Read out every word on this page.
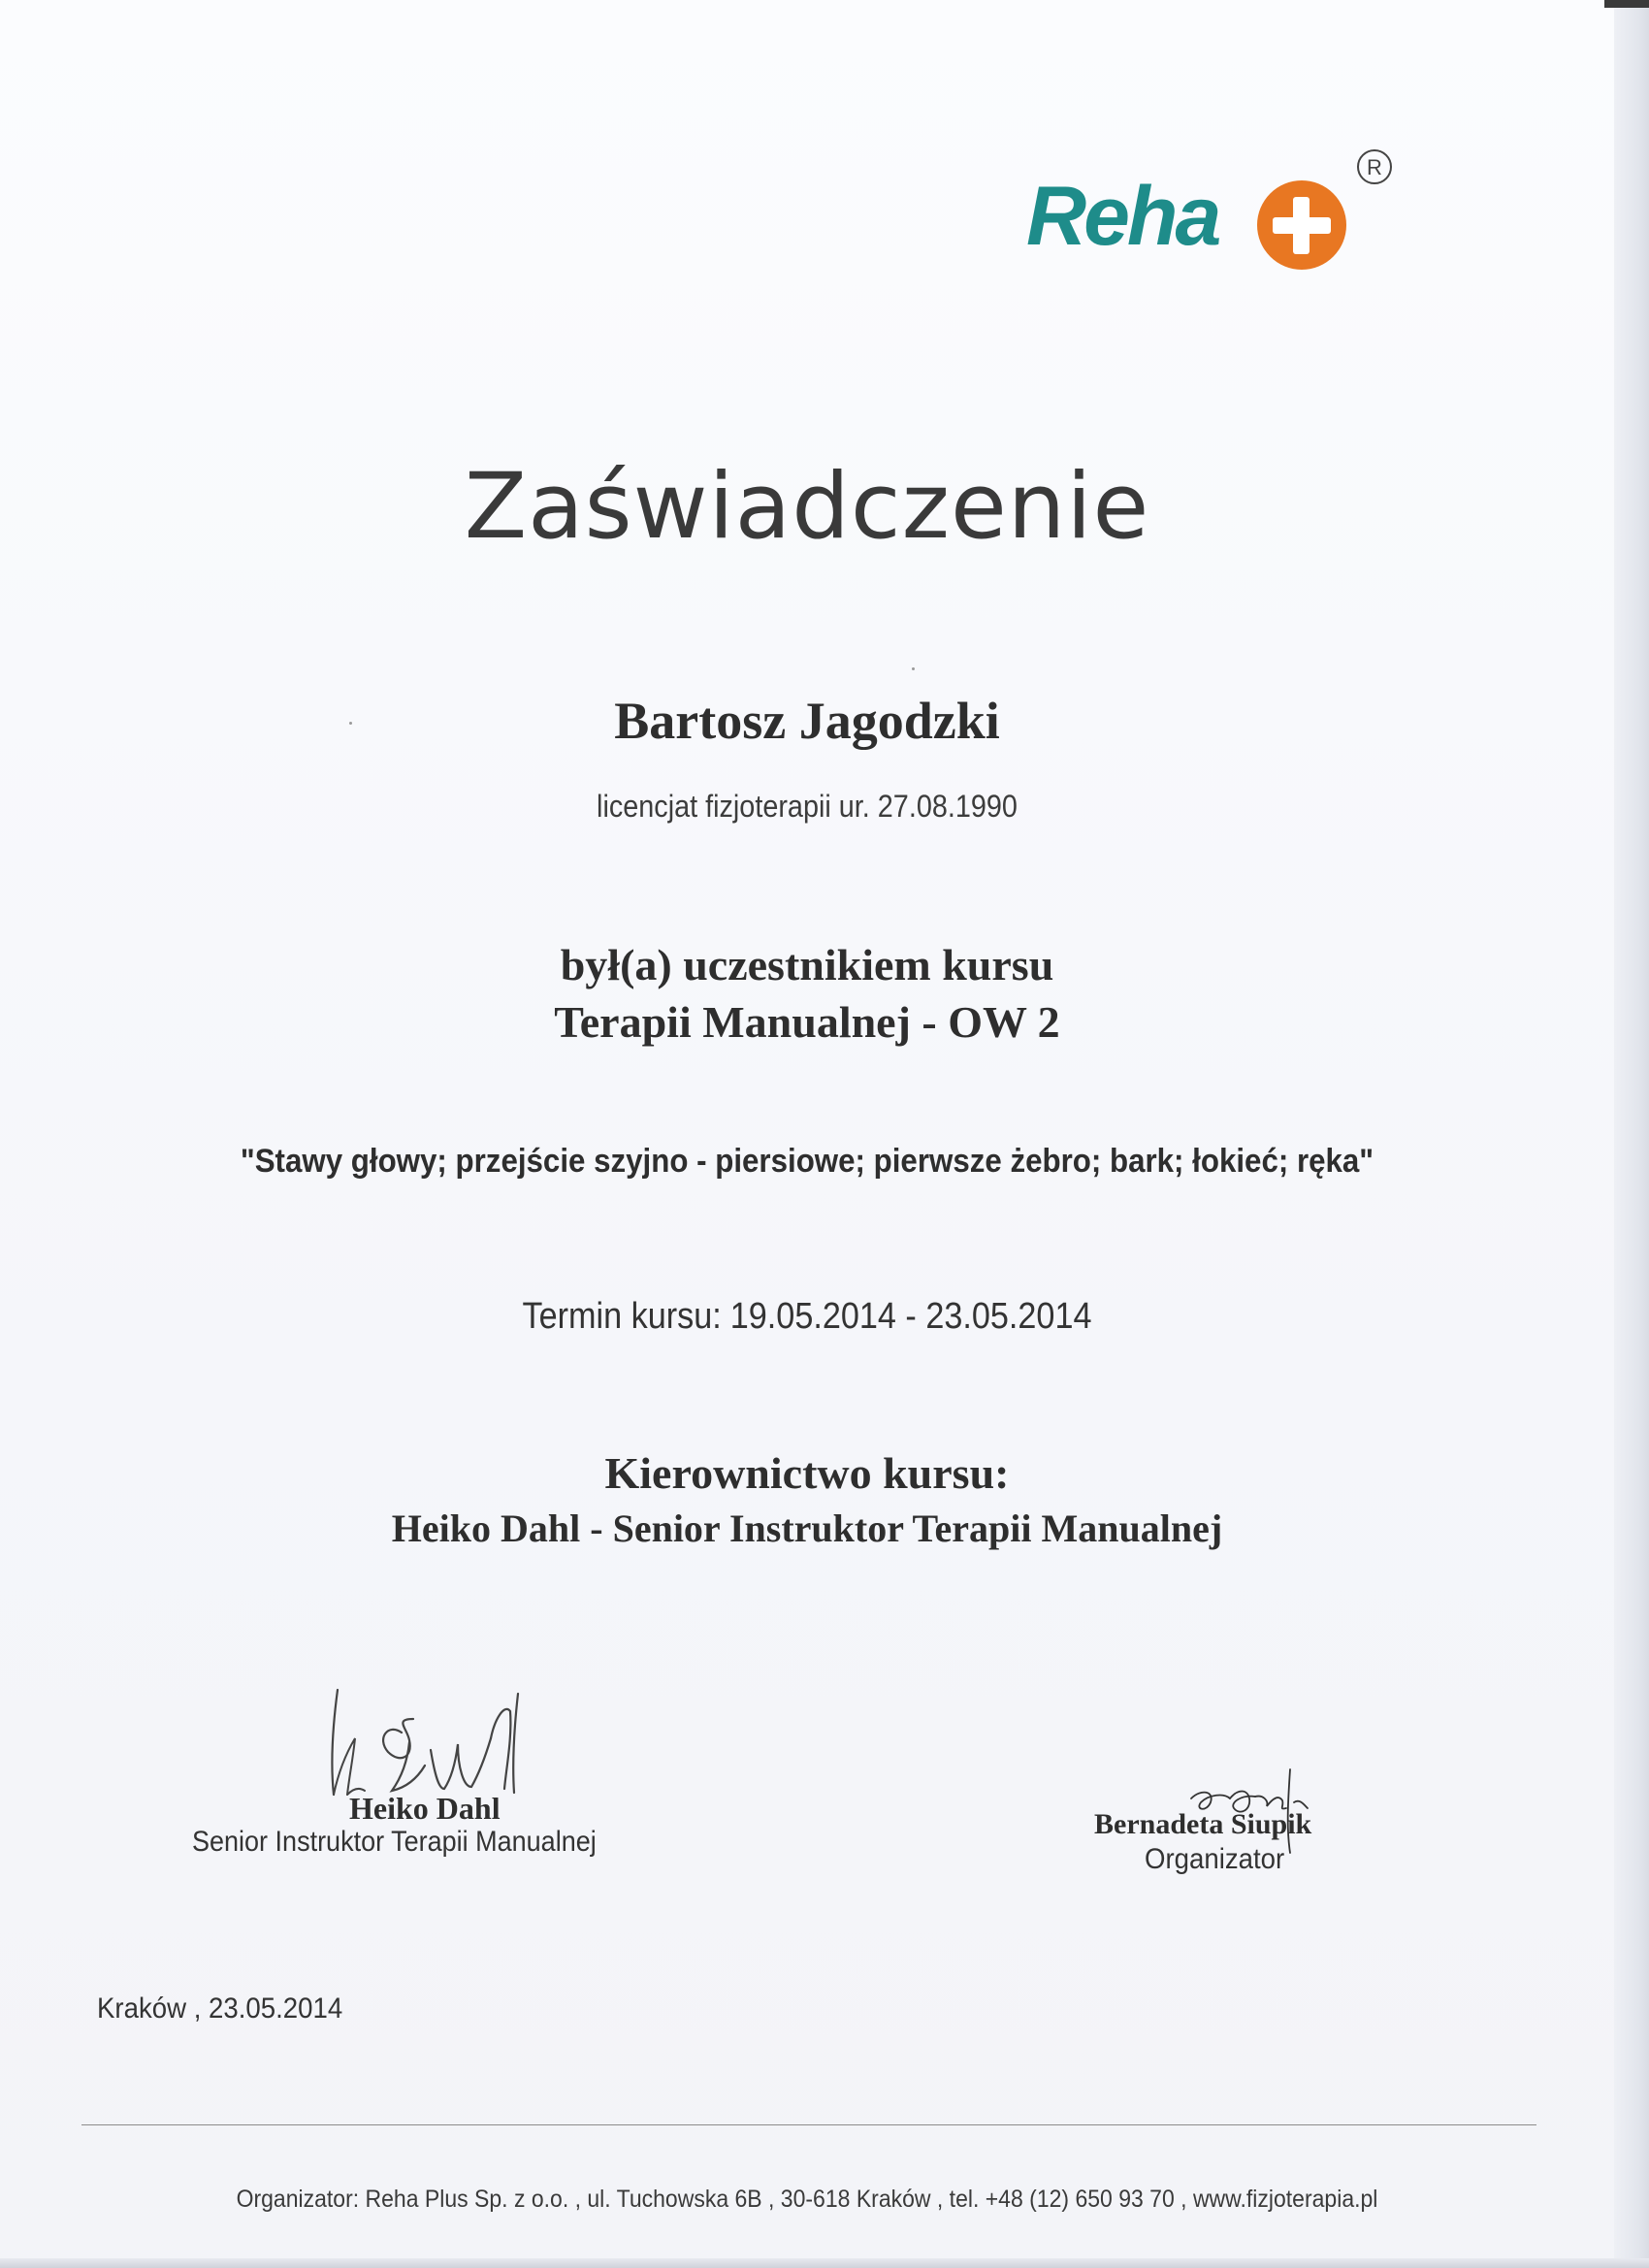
Reha
R
Zaświadczenie
Bartosz Jagodzki
licencjat fizjoterapii ur. 27.08.1990
był(a) uczestnikiem kursu
Terapii Manualnej - OW 2
"Stawy głowy; przejście szyjno - piersiowe; pierwsze żebro; bark; łokieć; ręka"
Termin kursu: 19.05.2014 - 23.05.2014
Kierownictwo kursu:
Heiko Dahl - Senior Instruktor Terapii Manualnej
Heiko Dahl
Senior Instruktor Terapii Manualnej
Bernadeta Siupik
Organizator
Kraków , 23.05.2014
Organizator: Reha Plus Sp. z o.o. , ul. Tuchowska 6B , 30-618 Kraków , tel. +48 (12) 650 93 70 , www.fizjoterapia.pl
